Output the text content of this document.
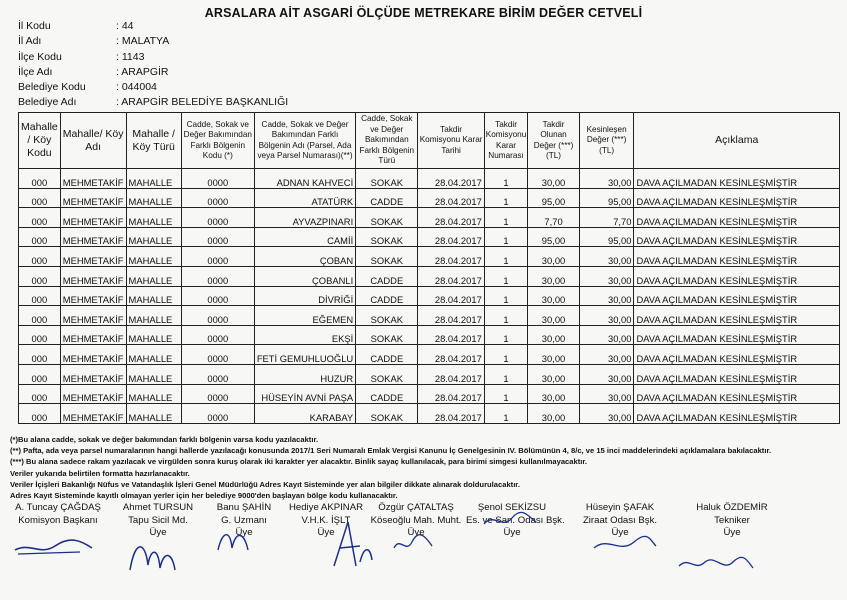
ARSALARA AİT ASGARİ ÖLÇÜDE METREKARE BİRİM DEĞER CETVELİ
İl Kodu	: 44
İl Adı	: MALATYA
İlçe Kodu	: 1143
İlçe Adı	: ARAPGİR
Belediye Kodu	: 044004
Belediye Adı	: ARAPGİR BELEDİYE BAŞKANLIĞI
Mahalle / Köy Kodu	Mahalle/ Köy Adı	Mahalle / Köy Türü	Cadde, Sokak ve Değer Bakımından Farklı Bölgenin Kodu (*)	Cadde, Sokak ve Değer Bakımından Farklı Bölgenin Adı (Parsel, Ada veya Parsel Numarası)(**)	Cadde, Sokak ve Değer Bakımından Farklı Bölgenin Türü	Takdir Komisyonu Karar Tarihi	Takdir Komisyonu Karar Numarası	Takdir Olunan Değer (***) (TL)	Kesinleşen Değer (***) (TL)	Açıklama
000	MEHMETAKİF	MAHALLE	0000	ADNAN KAHVECİ	SOKAK	28.04.2017	1	30,00	30,00	DAVA AÇILMADAN KESİNLEŞMİŞTİR
000	MEHMETAKİF	MAHALLE	0000	ATATÜRK	CADDE	28.04.2017	1	95,00	95,00	DAVA AÇILMADAN KESİNLEŞMİŞTİR
000	MEHMETAKİF	MAHALLE	0000	AYVAZPINARI	SOKAK	28.04.2017	1	7,70	7,70	DAVA AÇILMADAN KESİNLEŞMİŞTİR
000	MEHMETAKİF	MAHALLE	0000	CAMİİ	SOKAK	28.04.2017	1	95,00	95,00	DAVA AÇILMADAN KESİNLEŞMİŞTİR
000	MEHMETAKİF	MAHALLE	0000	ÇOBAN	SOKAK	28.04.2017	1	30,00	30,00	DAVA AÇILMADAN KESİNLEŞMİŞTİR
000	MEHMETAKİF	MAHALLE	0000	ÇOBANLI	CADDE	28.04.2017	1	30,00	30,00	DAVA AÇILMADAN KESİNLEŞMİŞTİR
000	MEHMETAKİF	MAHALLE	0000	DİVRİĞİ	CADDE	28.04.2017	1	30,00	30,00	DAVA AÇILMADAN KESİNLEŞMİŞTİR
000	MEHMETAKİF	MAHALLE	0000	EĞEMEN	SOKAK	28.04.2017	1	30,00	30,00	DAVA AÇILMADAN KESİNLEŞMİŞTİR
000	MEHMETAKİF	MAHALLE	0000	EKŞİ	SOKAK	28.04.2017	1	30,00	30,00	DAVA AÇILMADAN KESİNLEŞMİŞTİR
000	MEHMETAKİF	MAHALLE	0000	FETİ GEMUHLUOĞLU	CADDE	28.04.2017	1	30,00	30,00	DAVA AÇILMADAN KESİNLEŞMİŞTİR
000	MEHMETAKİF	MAHALLE	0000	HUZUR	SOKAK	28.04.2017	1	30,00	30,00	DAVA AÇILMADAN KESİNLEŞMİŞTİR
000	MEHMETAKİF	MAHALLE	0000	HÜSEYİN AVNİ PAŞA	CADDE	28.04.2017	1	30,00	30,00	DAVA AÇILMADAN KESİNLEŞMİŞTİR
000	MEHMETAKİF	MAHALLE	0000	KARABAY	SOKAK	28.04.2017	1	30,00	30,00	DAVA AÇILMADAN KESİNLEŞMİŞTİR
(*)Bu alana cadde, sokak ve değer bakımından farklı bölgenin varsa kodu yazılacaktır.
(**) Pafta, ada veya parsel numaralarının hangi hallerde yazılacağı konusunda 2017/1 Seri Numaralı Emlak Vergisi Kanunu İç Genelgesinin IV. Bölümünün 4, 8/c, ve 15 inci maddelerindeki açıklamalara bakılacaktır.
(***) Bu alana sadece rakam yazılacak ve virgülden sonra kuruş olarak iki karakter yer alacaktır. Binlik sayaç kullanılacak, para birimi simgesi kullanılmayacaktır.
Veriler yukarıda belirtilen formatta hazırlanacaktır.
Veriler İçişleri Bakanlığı Nüfus ve Vatandaşlık İşleri Genel Müdürlüğü Adres Kayıt Sisteminde yer alan bilgiler dikkate alınarak doldurulacaktır.
Adres Kayıt Sisteminde kayıtlı olmayan yerler için her belediye 9000'den başlayan bölge kodu kullanacaktır.
A. Tuncay ÇAĞDAŞ
Komisyon Başkanı
Ahmet TURSUN
Tapu Sicil Md.
Üye
Banu ŞAHİN
G. Uzmanı
Üye
Hediye AKPINAR
V.H.K. İŞLT
Üye
Özgür ÇATALTAŞ
Köseoğlu Mah. Muht.
Üye
Şenol SEKİZSU
Es. ve San. Odası Bşk.
Üye
Hüseyin ŞAFAK
Ziraat Odası Bşk.
Üye
Haluk ÖZDEMİR
Tekniker
Üye
